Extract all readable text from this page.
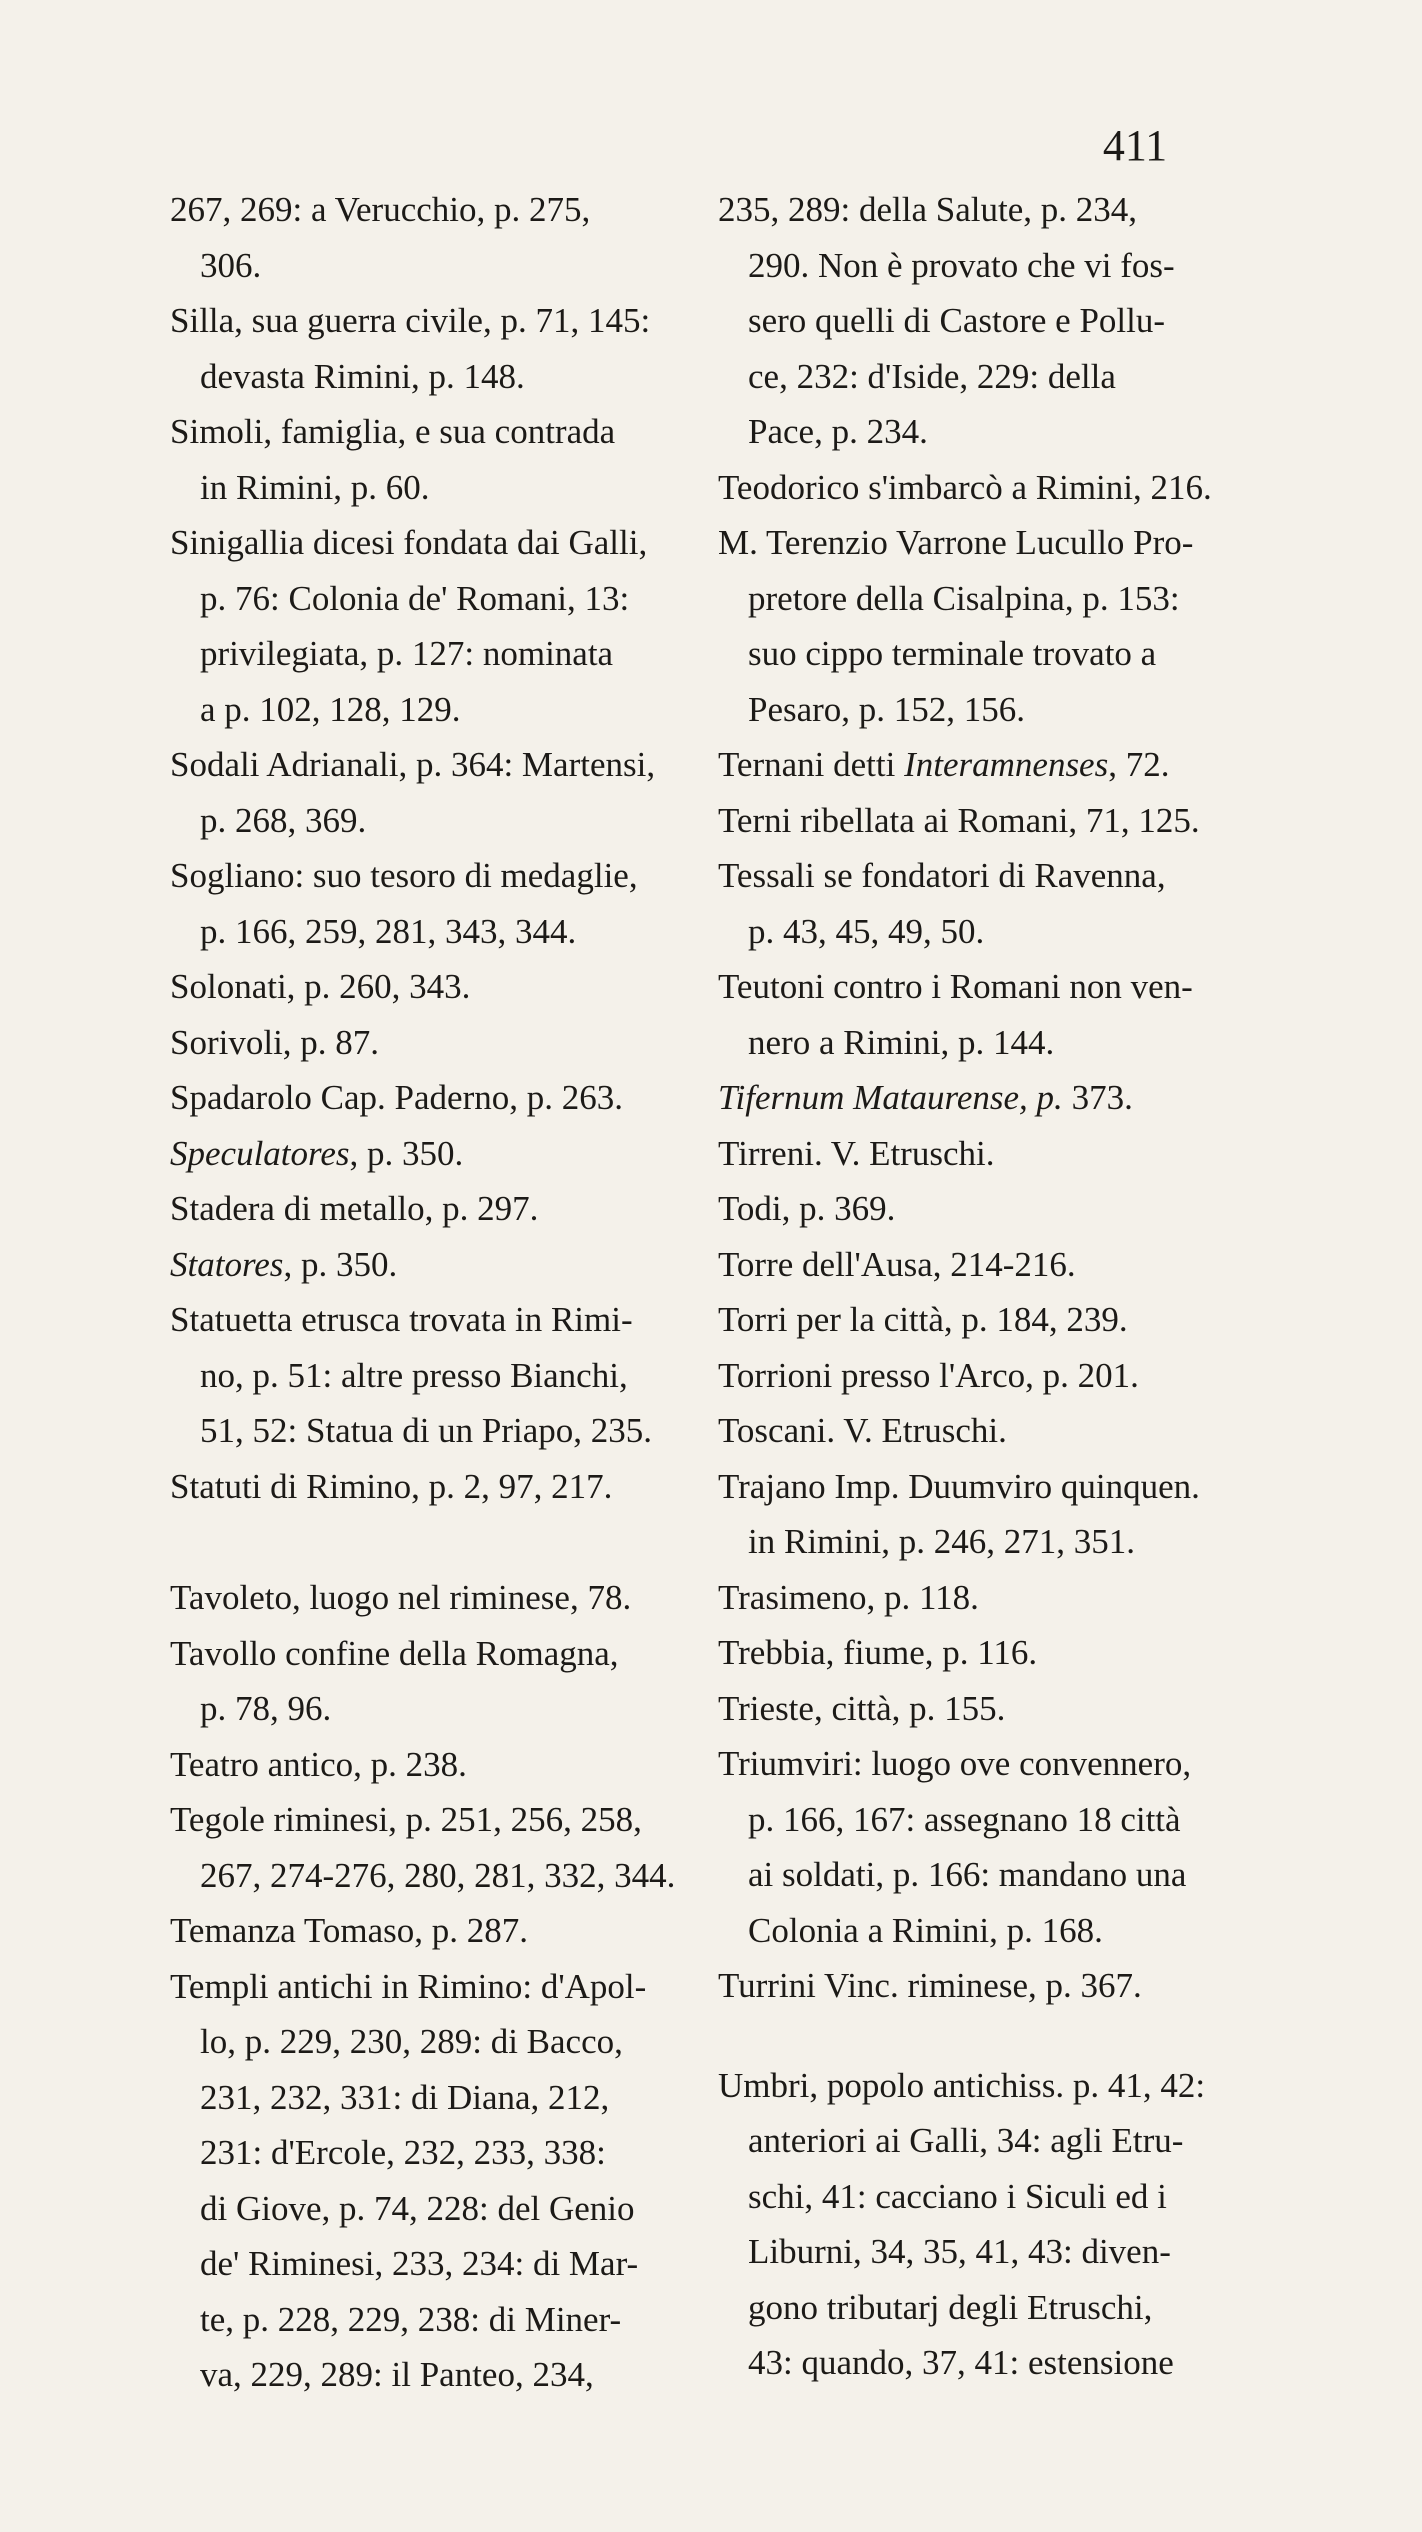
411

267, 269: a Verucchio, p. 275,
306.

Silla, sua guerra civile, p. 71, 145:
devasta Rimini, p. 148.

Simoli, famiglia, e sua contrada
in Rimini, p. 60.

Sinigallia dicesi fondata dai Galli,
p. 76: Colonia de' Romani, 13:
privilegiata, p. 127: nominata
a p. 102, 128, 129.

Sodali Adrianali, p. 364: Martensi,
p. 268, 369.

Sogliano: suo tesoro di medaglie,
p. 166, 259, 281, 343, 344.

Solonati, p. 260, 343.

Sorivoli, p. 87.

Spadarolo Cap. Paderno, p. 263.

Speculatores, p. 350.

Stadera di metallo, p. 297.

Statores, p. 350.

Statuetta etrusca trovata in Rimi-
no, p. 51: altre presso Bianchi,
51, 52: Statua di un Priapo, 235.

Statuti di Rimino, p. 2, 97, 217.

Tavoleto, luogo nel riminese, 78.

Tavollo confine della Romagna,
p. 78, 96.

Teatro antico, p. 238.

Tegole riminesi, p. 251, 256, 258,
267, 274-276, 280, 281, 332, 344.

Temanza Tomaso, p. 287.

Templi antichi in Rimino: d'Apol-
lo, p. 229, 230, 289: di Bacco,
231, 232, 331: di Diana, 212,
231: d'Ercole, 232, 233, 338:
di Giove, p. 74, 228: del Genio
de' Riminesi, 233, 234: di Mar-
te, p. 228, 229, 238: di Miner-
va, 229, 289: il Panteo, 234,

235, 289: della Salute, p. 234,
290. Non è provato che vi fos-
sero quelli di Castore e Pollu-
ce, 232: d'Iside, 229: della
Pace, p. 234.

Teodorico s'imbarcò a Rimini, 216.

M. Terenzio Varrone Lucullo Pro-
pretore della Cisalpina, p. 153:
suo cippo terminale trovato a
Pesaro, p. 152, 156.

Ternani detti Interamnenses, 72.

Terni ribellata ai Romani, 71, 125.

Tessali se fondatori di Ravenna,
p. 43, 45, 49, 50.

Teutoni contro i Romani non ven-
nero a Rimini, p. 144.

Tifernum Mataurense, p. 373.

Tirreni. V. Etruschi.

Todi, p. 369.

Torre dell'Ausa, 214-216.

Torri per la città, p. 184, 239.

Torrioni presso l'Arco, p. 201.

Toscani. V. Etruschi.

Trajano Imp. Duumviro quinquen.
in Rimini, p. 246, 271, 351.

Trasimeno, p. 118.

Trebbia, fiume, p. 116.

Trieste, città, p. 155.

Triumviri: luogo ove convennero,
p. 166, 167: assegnano 18 città
ai soldati, p. 166: mandano una
Colonia a Rimini, p. 168.

Turrini Vinc. riminese, p. 367.

Umbri, popolo antichiss. p. 41, 42:
anteriori ai Galli, 34: agli Etru-
schi, 41: cacciano i Siculi ed i
Liburni, 34, 35, 41, 43: diven-
gono tributarj degli Etruschi,
43: quando, 37, 41: estensione
